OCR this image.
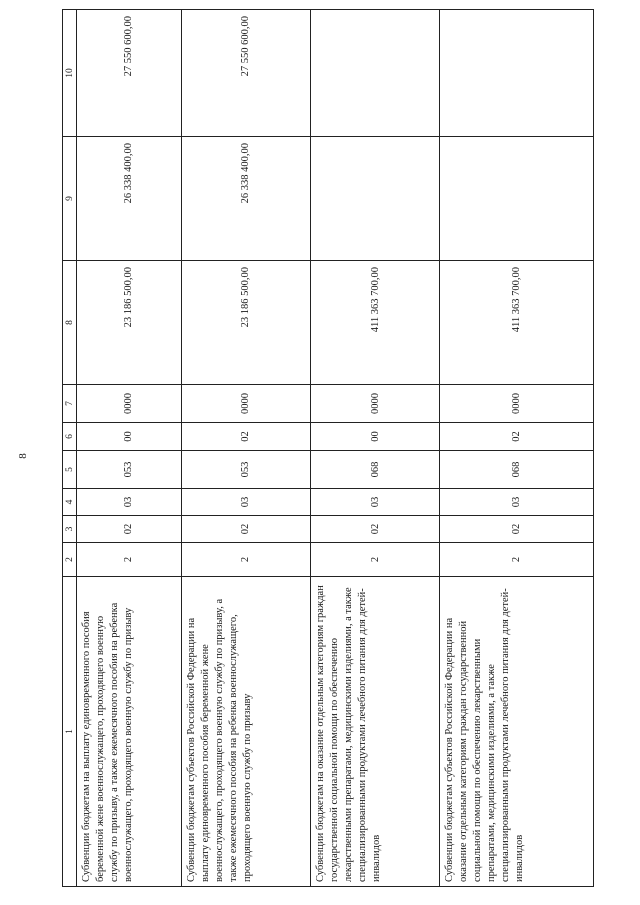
8
1	2	3	4	5	6	7	8	9	10
Субвенции бюджетам на выплату единовременного пособия беременной жене военнослужащего, проходящего военную службу по призыву, а также ежемесячного пособия на ребенка военнослужащего, проходящего военную службу по призыву	2	02	03	053	00	0000	23 186 500,00	26 338 400,00	27 550 600,00
Субвенции бюджетам субъектов Российской Федерации на выплату единовременного пособия беременной жене военнослужащего, проходящего военную службу по призыву, а также ежемесячного пособия на ребенка военнослужащего, проходящего военную службу по призыву	2	02	03	053	02	0000	23 186 500,00	26 338 400,00	27 550 600,00
Субвенции бюджетам на оказание отдельным категориям граждан государственной социальной помощи по обеспечению лекарственными препаратами, медицинскими изделиями, а также специализированными продуктами лечебного питания для детей-инвалидов	2	02	03	068	00	0000	411 363 700,00		
Субвенции бюджетам субъектов Российской Федерации на оказание отдельным категориям граждан государственной социальной помощи по обеспечению лекарственными препаратами, медицинскими изделиями, а также специализированными продуктами лечебного питания для детей-инвалидов	2	02	03	068	02	0000	411 363 700,00		
